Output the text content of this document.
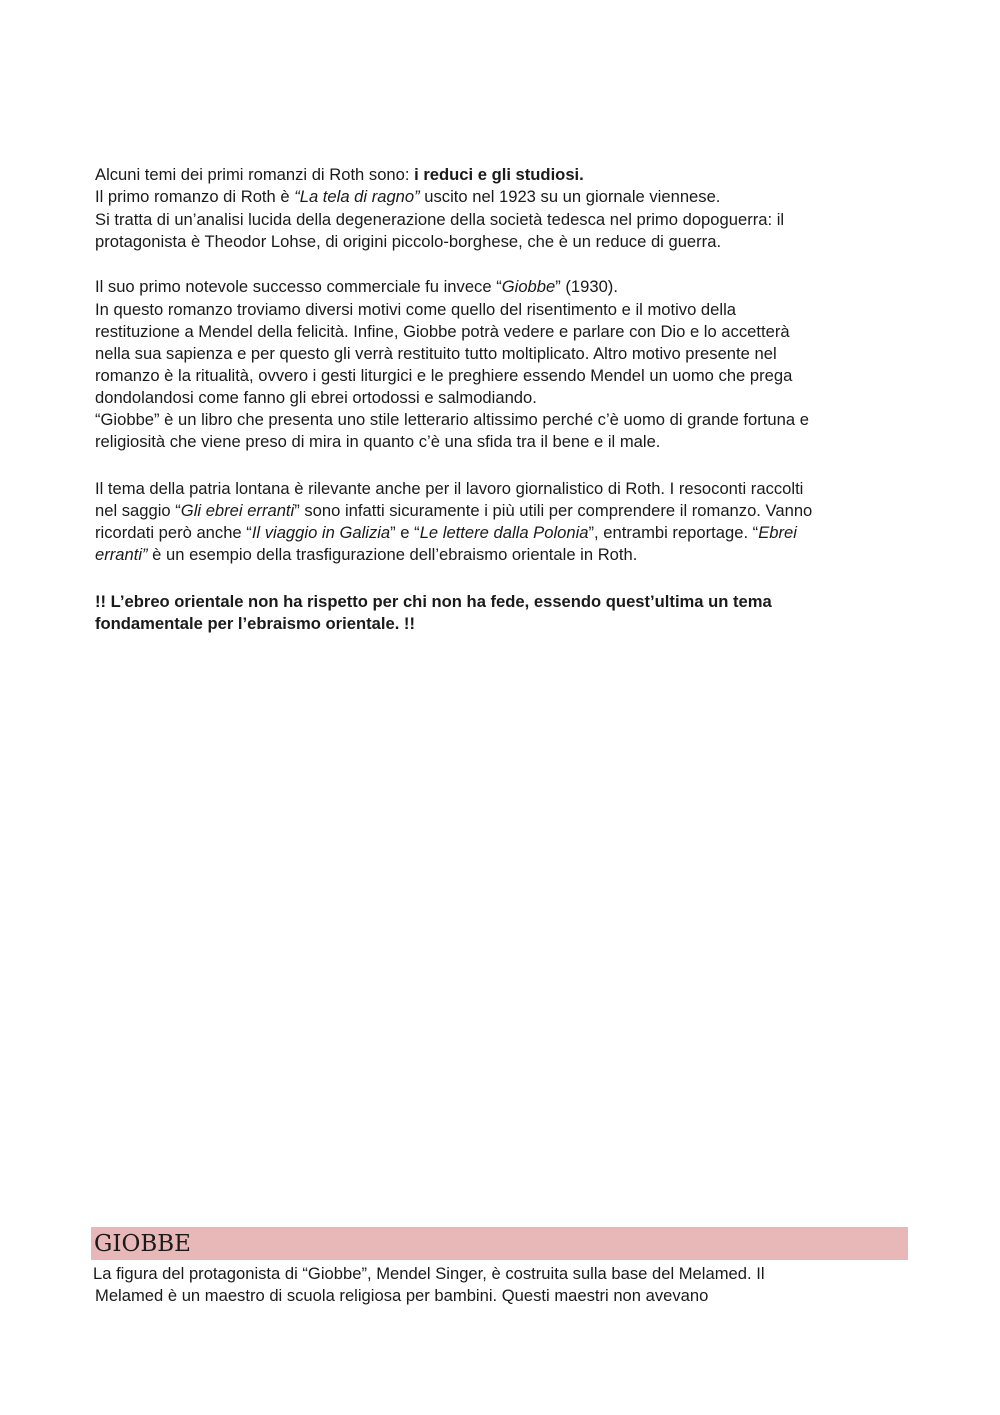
Alcuni temi dei primi romanzi di Roth sono: i reduci e gli studiosi.
Il primo romanzo di Roth è “La tela di ragno” uscito nel 1923 su un giornale viennese.
Si tratta di un’analisi lucida della degenerazione della società tedesca nel primo dopoguerra: il
protagonista è Theodor Lohse, di origini piccolo-borghese, che è un reduce di guerra.
Il suo primo notevole successo commerciale fu invece “Giobbe” (1930).
In questo romanzo troviamo diversi motivi come quello del risentimento e il motivo della
restituzione a Mendel della felicità. Infine, Giobbe potrà vedere e parlare con Dio e lo accetterà
nella sua sapienza e per questo gli verrà restituito tutto moltiplicato. Altro motivo presente nel
romanzo è la ritualità, ovvero i gesti liturgici e le preghiere essendo Mendel un uomo che prega
dondolandosi come fanno gli ebrei ortodossi e salmodiando.
“Giobbe” è un libro che presenta uno stile letterario altissimo perché c’è uomo di grande fortuna e
religiosità che viene preso di mira in quanto c’è una sfida tra il bene e il male.
Il tema della patria lontana è rilevante anche per il lavoro giornalistico di Roth. I resoconti raccolti
nel saggio “Gli ebrei erranti” sono infatti sicuramente i più utili per comprendere il romanzo. Vanno
ricordati però anche “Il viaggio in Galizia” e “Le lettere dalla Polonia”, entrambi reportage. “Ebrei
erranti” è un esempio della trasfigurazione dell’ebraismo orientale in Roth.
!! L’ebreo orientale non ha rispetto per chi non ha fede, essendo quest’ultima un tema
fondamentale per l’ebraismo orientale. !!
GIOBBE
La figura del protagonista di “Giobbe”, Mendel Singer, è costruita sulla base del Melamed. Il
Melamed è un maestro di scuola religiosa per bambini. Questi maestri non avevano
